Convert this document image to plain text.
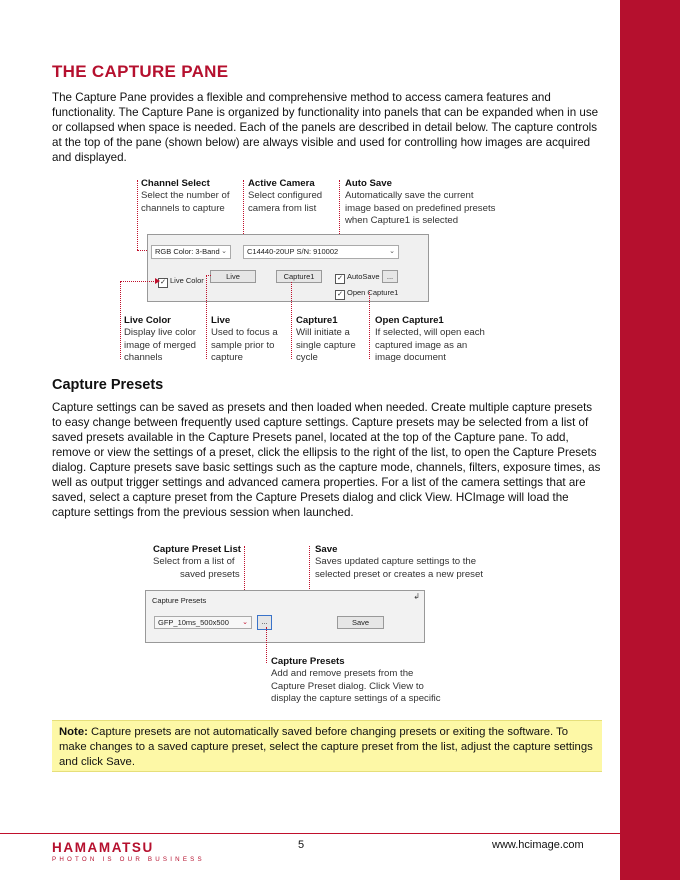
THE CAPTURE PANE

The Capture Pane provides a flexible and comprehensive method to access camera features and functionality. The Capture Pane is organized by functionality into panels that can be expanded when in use or collapsed when space is needed. Each of the panels are described in detail below. The capture controls at the top of the pane (shown below) are always visible and used for controlling how images are acquired and displayed.

Channel Select
Select the number of
channels to capture
Active Camera
Select configured
camera from list
Auto Save
Automatically save the current
image based on predefined presets
when Capture1 is selected
RGB Color: 3-Band ⌄	C14440-20UP S/N: 910002	⌄
✓ Live Color	Live	Capture1	✓ AutoSave ...
✓ Open Capture1
Live Color
Display live color
image of merged
channels
Live
Used to focus a
sample prior to
capture
Capture1
Will initiate a
single capture
cycle
Open Capture1
If selected, will open each
captured image as an
image document
Capture Presets

Capture settings can be saved as presets and then loaded when needed. Create multiple capture presets to easy change between frequently used capture settings. Capture presets may be selected from a list of saved presets available in the Capture Presets panel, located at the top of the Capture pane. To add, remove or view the settings of a preset, click the ellipsis to the right of the list, to open the Capture Presets dialog. Capture presets save basic settings such as the capture mode, channels, filters, exposure times, as well as output trigger settings and advanced camera properties. For a list of the camera settings that are saved, select a capture preset from the Capture Presets dialog and click View. HCImage will load the capture settings from the previous session when launched.

Capture Preset List
Select from a list of
saved presets
Save
Saves updated capture settings to the
selected preset or creates a new preset
Capture Presets	↲
GFP_10ms_500x500 ⌄	...	Save
Capture Presets
Add and remove presets from the
Capture Preset dialog. Click View to
display the capture settings of a specific
Note: Capture presets are not automatically saved before changing presets or exiting the software. To make changes to a saved capture preset, select the capture preset from the list, adjust the capture settings and click Save.
HAMAMATSU
PHOTON IS OUR BUSINESS
5	www.hcimage.com
